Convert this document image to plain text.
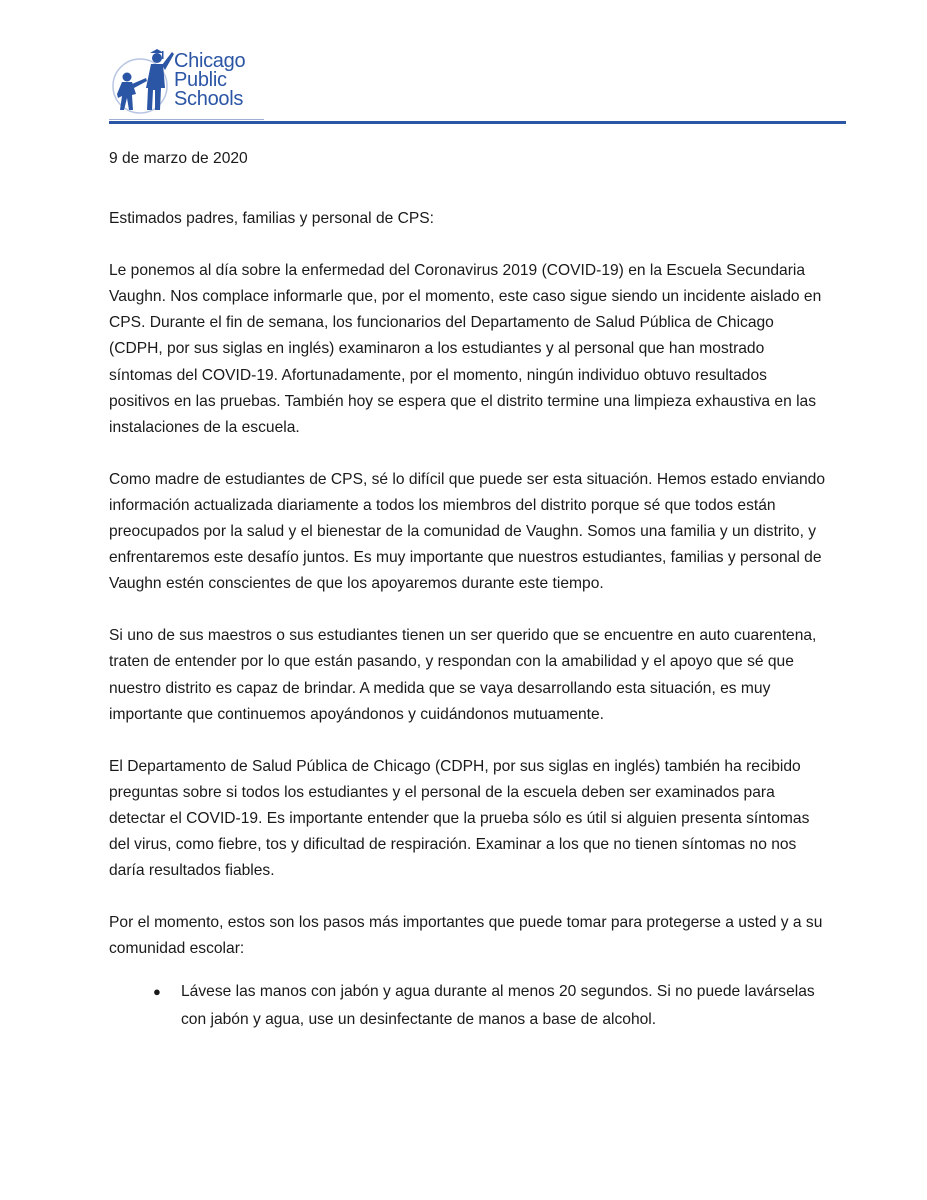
Chicago
Public
Schools

9 de marzo de 2020

Estimados padres, familias y personal de CPS:

Le ponemos al día sobre la enfermedad del Coronavirus 2019 (COVID-19) en la Escuela Secundaria Vaughn. Nos complace informarle que, por el momento, este caso sigue siendo un incidente aislado en CPS. Durante el fin de semana, los funcionarios del Departamento de Salud Pública de Chicago (CDPH, por sus siglas en inglés) examinaron a los estudiantes y al personal que han mostrado síntomas del COVID-19. Afortunadamente, por el momento, ningún individuo obtuvo resultados positivos en las pruebas. También hoy se espera que el distrito termine una limpieza exhaustiva en las instalaciones de la escuela.

Como madre de estudiantes de CPS, sé lo difícil que puede ser esta situación. Hemos estado enviando información actualizada diariamente a todos los miembros del distrito porque sé que todos están preocupados por la salud y el bienestar de la comunidad de Vaughn. Somos una familia y un distrito, y enfrentaremos este desafío juntos. Es muy importante que nuestros estudiantes, familias y personal de Vaughn estén conscientes de que los apoyaremos durante este tiempo.

Si uno de sus maestros o sus estudiantes tienen un ser querido que se encuentre en auto cuarentena, traten de entender por lo que están pasando, y respondan con la amabilidad y el apoyo que sé que nuestro distrito es capaz de brindar. A medida que se vaya desarrollando esta situación, es muy importante que continuemos apoyándonos y cuidándonos mutuamente.

El Departamento de Salud Pública de Chicago (CDPH, por sus siglas en inglés) también ha recibido preguntas sobre si todos los estudiantes y el personal de la escuela deben ser examinados para detectar el COVID-19. Es importante entender que la prueba sólo es útil si alguien presenta síntomas del virus, como fiebre, tos y dificultad de respiración. Examinar a los que no tienen síntomas no nos daría resultados fiables.

Por el momento, estos son los pasos más importantes que puede tomar para protegerse a usted y a su comunidad escolar:

● Lávese las manos con jabón y agua durante al menos 20 segundos. Si no puede lavárselas con jabón y agua, use un desinfectante de manos a base de alcohol.
